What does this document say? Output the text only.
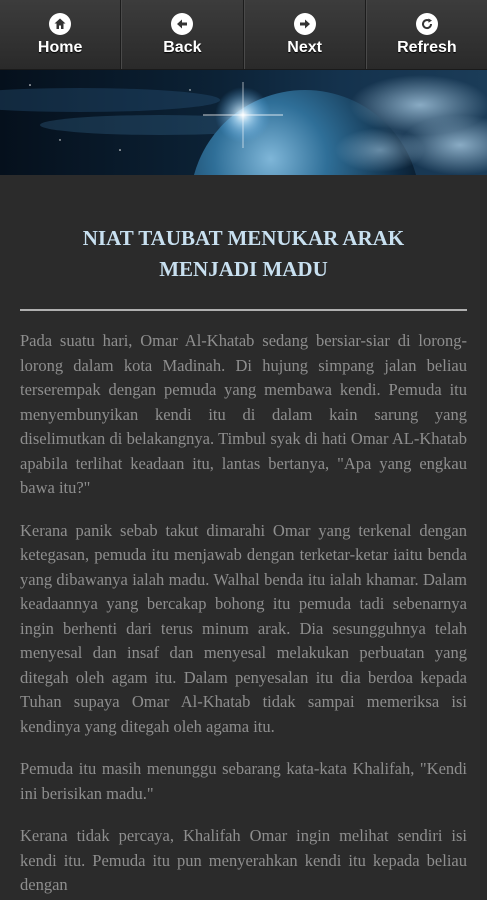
Home	Back	Next	Refresh
NIAT TAUBAT MENUKAR ARAK MENJADI MADU

Pada suatu hari, Omar Al-Khatab sedang bersiar-siar di lorong-lorong dalam kota Madinah. Di hujung simpang jalan beliau terserempak dengan pemuda yang membawa kendi. Pemuda itu menyembunyikan kendi itu di dalam kain sarung yang diselimutkan di belakangnya. Timbul syak di hati Omar AL-Khatab apabila terlihat keadaan itu, lantas bertanya, "Apa yang engkau bawa itu?"

Kerana panik sebab takut dimarahi Omar yang terkenal dengan ketegasan, pemuda itu menjawab dengan terketar-ketar iaitu benda yang dibawanya ialah madu. Walhal benda itu ialah khamar. Dalam keadaannya yang bercakap bohong itu pemuda tadi sebenarnya ingin berhenti dari terus minum arak. Dia sesungguhnya telah menyesal dan insaf dan menyesal melakukan perbuatan yang ditegah oleh agam itu. Dalam penyesalan itu dia berdoa kepada Tuhan supaya Omar Al-Khatab tidak sampai memeriksa isi kendinya yang ditegah oleh agama itu.

Pemuda itu masih menunggu sebarang kata-kata Khalifah, "Kendi ini berisikan madu."

Kerana tidak percaya, Khalifah Omar ingin melihat sendiri isi kendi itu. Pemuda itu pun menyerahkan kendi itu kepada beliau dengan
